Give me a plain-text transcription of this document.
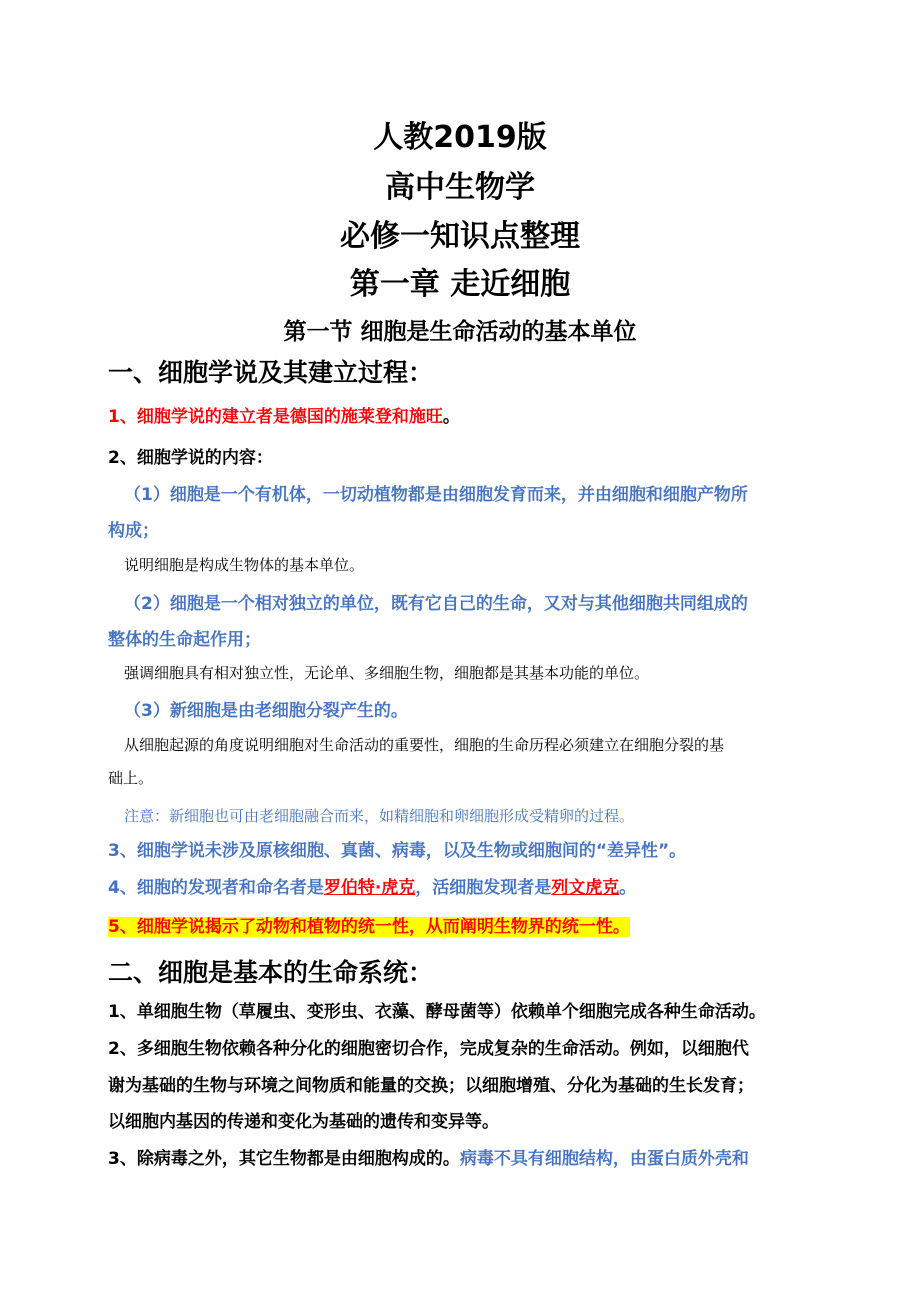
人教2019版
高中生物学
必修一知识点整理
第一章 走近细胞
第一节 细胞是生命活动的基本单位
一、细胞学说及其建立过程：
1、细胞学说的建立者是德国的施莱登和施旺。
2、细胞学说的内容：
（1）细胞是一个有机体，一切动植物都是由细胞发育而来，并由细胞和细胞产物所
构成；
说明细胞是构成生物体的基本单位。
（2）细胞是一个相对独立的单位，既有它自己的生命，又对与其他细胞共同组成的
整体的生命起作用；
强调细胞具有相对独立性，无论单、多细胞生物，细胞都是其基本功能的单位。
（3）新细胞是由老细胞分裂产生的。
从细胞起源的角度说明细胞对生命活动的重要性，细胞的生命历程必须建立在细胞分裂的基
础上。
注意：新细胞也可由老细胞融合而来，如精细胞和卵细胞形成受精卵的过程。
3、细胞学说未涉及原核细胞、真菌、病毒，以及生物或细胞间的“差异性”。
4、细胞的发现者和命名者是罗伯特·虎克，活细胞发现者是列文虎克。
5、细胞学说揭示了动物和植物的统一性，从而阐明生物界的统一性。
二、细胞是基本的生命系统：
1、单细胞生物（草履虫、变形虫、衣藻、酵母菌等）依赖单个细胞完成各种生命活动。
2、多细胞生物依赖各种分化的细胞密切合作，完成复杂的生命活动。例如，以细胞代
谢为基础的生物与环境之间物质和能量的交换；以细胞增殖、分化为基础的生长发育；
以细胞内基因的传递和变化为基础的遗传和变异等。
3、除病毒之外，其它生物都是由细胞构成的。病毒不具有细胞结构，由蛋白质外壳和
